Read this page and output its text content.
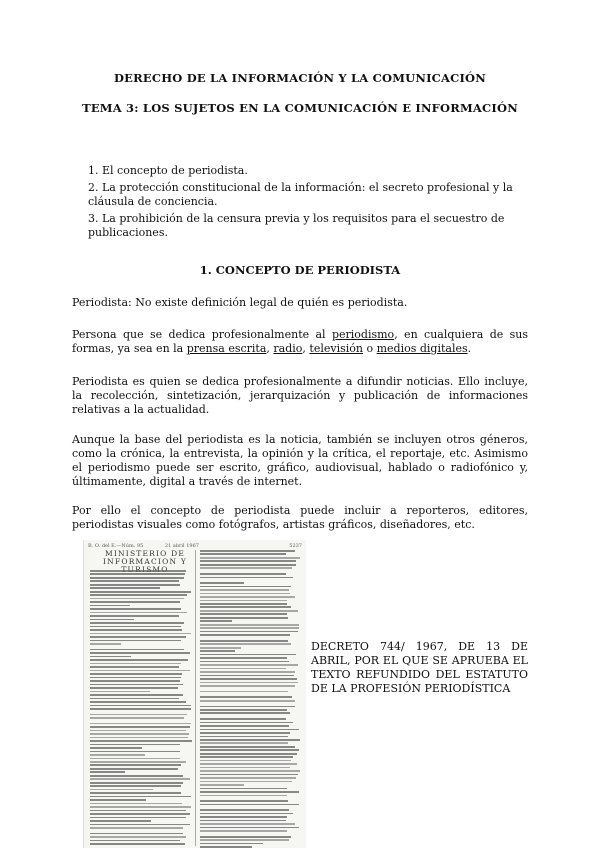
DERECHO DE LA INFORMACIÓN Y LA COMUNICACIÓN
TEMA 3: LOS SUJETOS EN LA COMUNICACIÓN E INFORMACIÓN
1. El concepto de periodista.
2. La protección constitucional de la información: el secreto profesional y la cláusula de conciencia.
3. La prohibición de la censura previa y los requisitos para el secuestro de publicaciones.
1. CONCEPTO DE PERIODISTA
Periodista: No existe definición legal de quién es periodista.
Persona que se dedica profesionalmente al periodismo, en cualquiera de sus formas, ya sea en la prensa escrita, radio, televisión o medios digitales.
Periodista es quien se dedica profesionalmente a difundir noticias. Ello incluye, la recolección, sintetización, jerarquización y publicación de informaciones relativas a la actualidad.
Aunque la base del periodista es la noticia, también se incluyen otros géneros, como la crónica, la entrevista, la opinión y la crítica, el reportaje, etc. Asimismo el periodismo puede ser escrito, gráfico, audiovisual, hablado o radiofónico y, últimamente, digital a través de internet.
Por ello el concepto de periodista puede incluir a reporteros, editores, periodistas visuales como fotógrafos, artistas gráficos, diseñadores, etc.
B. O. del E.—Núm. 95	21 abril 1967	5237
MINISTERIO DE INFORMACION Y
DECRETO 744/ 1967, DE 13 DE ABRIL, POR EL QUE SE APRUEBA EL TEXTO REFUNDIDO DEL ESTATUTO DE LA PROFESIÓN PERIODÍSTICA
